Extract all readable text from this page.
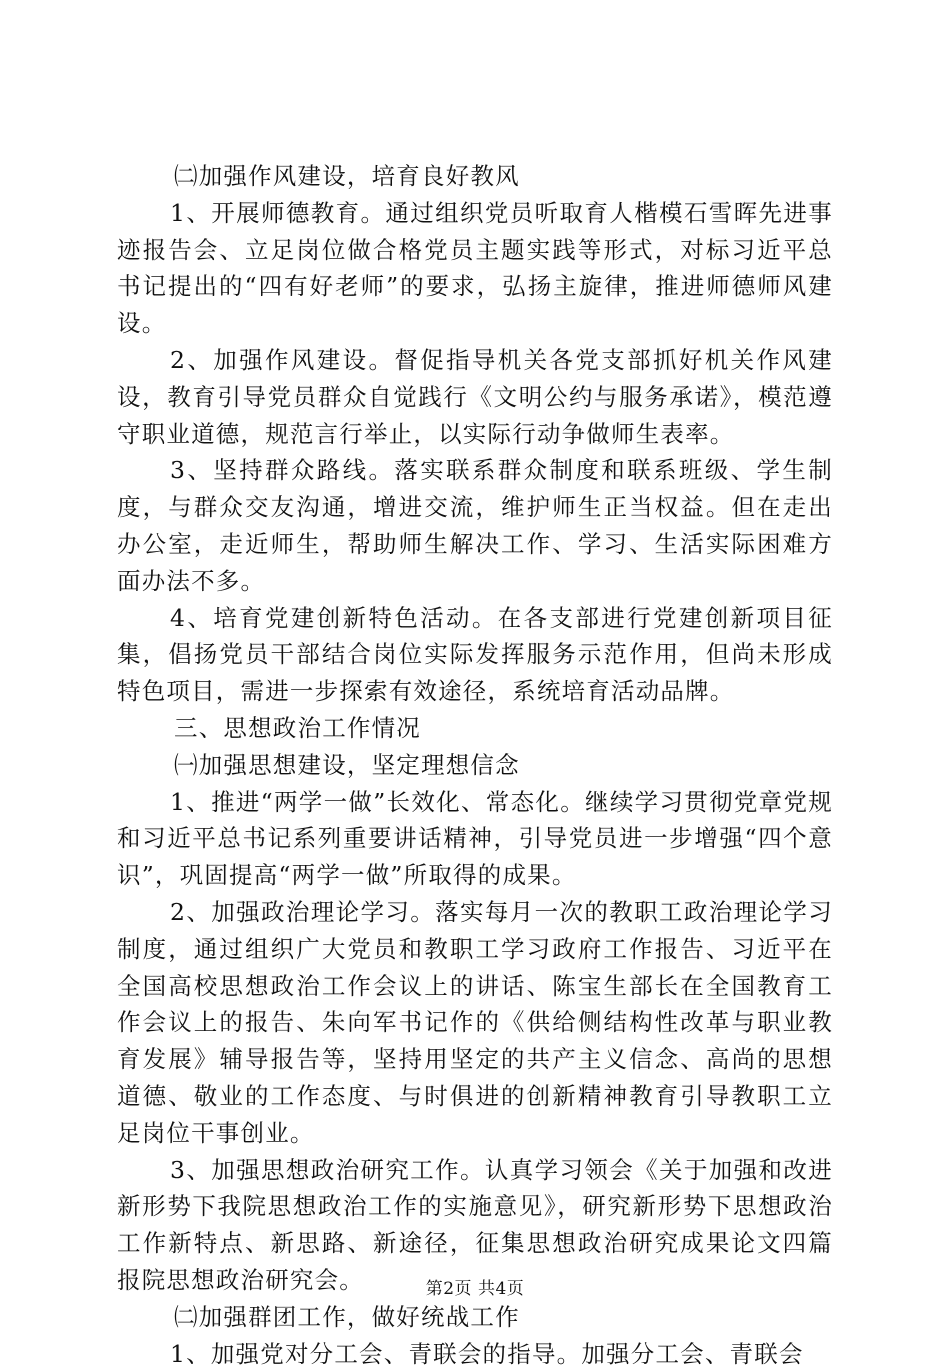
㈡加强作风建设，培育良好教风

1、开展师德教育。通过组织党员听取育人楷模石雪晖先进事迹报告会、立足岗位做合格党员主题实践等形式，对标习近平总书记提出的“四有好老师”的要求，弘扬主旋律，推进师德师风建设。

2、加强作风建设。督促指导机关各党支部抓好机关作风建设，教育引导党员群众自觉践行《文明公约与服务承诺》，模范遵守职业道德，规范言行举止，以实际行动争做师生表率。

3、坚持群众路线。落实联系群众制度和联系班级、学生制度，与群众交友沟通，增进交流，维护师生正当权益。但在走出办公室，走近师生，帮助师生解决工作、学习、生活实际困难方面办法不多。

4、培育党建创新特色活动。在各支部进行党建创新项目征集，倡扬党员干部结合岗位实际发挥服务示范作用，但尚未形成特色项目，需进一步探索有效途径，系统培育活动品牌。

三、思想政治工作情况

㈠加强思想建设，坚定理想信念

1、推进“两学一做”长效化、常态化。继续学习贯彻党章党规和习近平总书记系列重要讲话精神，引导党员进一步增强“四个意识”，巩固提高“两学一做”所取得的成果。

2、加强政治理论学习。落实每月一次的教职工政治理论学习制度，通过组织广大党员和教职工学习政府工作报告、习近平在全国高校思想政治工作会议上的讲话、陈宝生部长在全国教育工作会议上的报告、朱向军书记作的《供给侧结构性改革与职业教育发展》辅导报告等，坚持用坚定的共产主义信念、高尚的思想道德、敬业的工作态度、与时俱进的创新精神教育引导教职工立足岗位干事创业。

3、加强思想政治研究工作。认真学习领会《关于加强和改进新形势下我院思想政治工作的实施意见》，研究新形势下思想政治工作新特点、新思路、新途径，征集思想政治研究成果论文四篇报院思想政治研究会。

㈡加强群团工作，做好统战工作

1、加强党对分工会、青联会的指导。加强分工会、青联会

第2页 共4页
